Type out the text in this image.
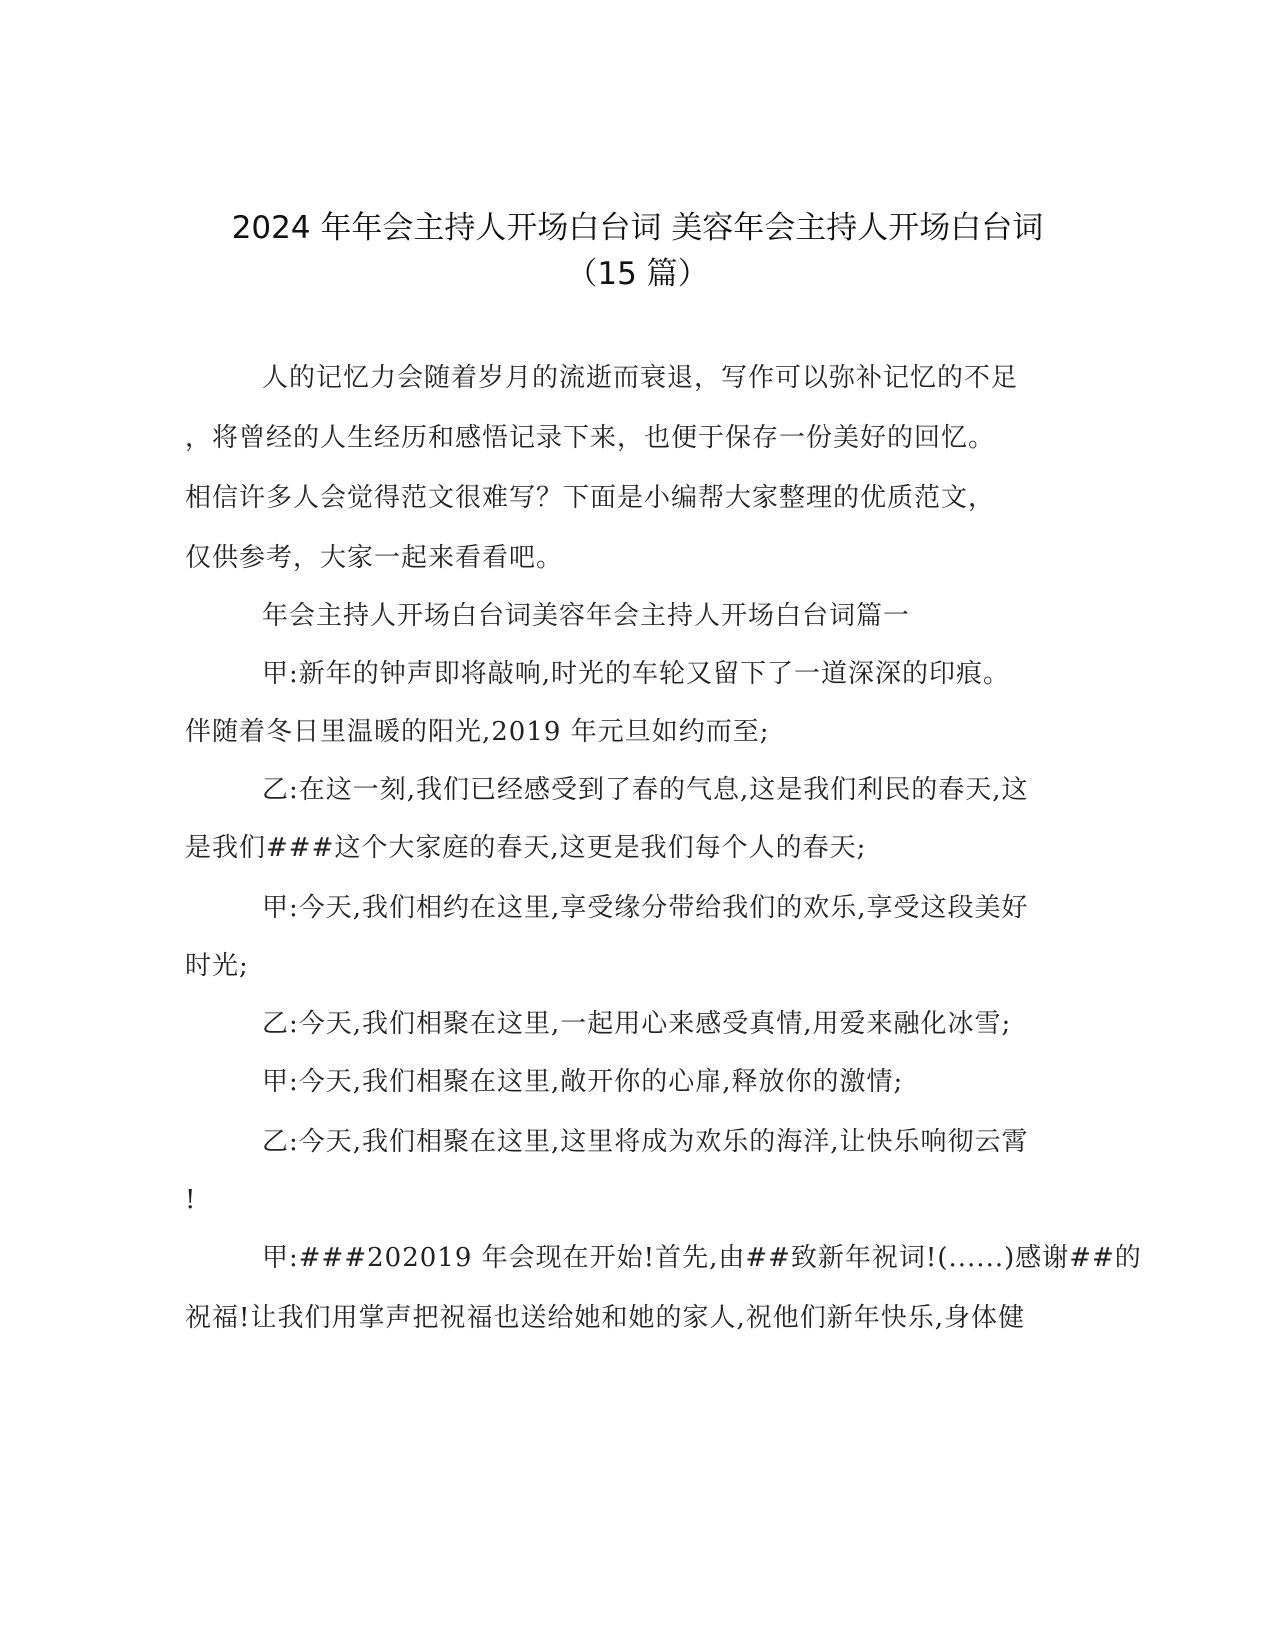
2024 年年会主持人开场白台词 美容年会主持人开场白台词
（15 篇）
人的记忆力会随着岁月的流逝而衰退，写作可以弥补记忆的不足
，将曾经的人生经历和感悟记录下来，也便于保存一份美好的回忆。
相信许多人会觉得范文很难写？下面是小编帮大家整理的优质范文，
仅供参考，大家一起来看看吧。
年会主持人开场白台词美容年会主持人开场白台词篇一
甲:新年的钟声即将敲响,时光的车轮又留下了一道深深的印痕。
伴随着冬日里温暖的阳光,2019 年元旦如约而至;
乙:在这一刻,我们已经感受到了春的气息,这是我们利民的春天,这
是我们###这个大家庭的春天,这更是我们每个人的春天;
甲:今天,我们相约在这里,享受缘分带给我们的欢乐,享受这段美好
时光;
乙:今天,我们相聚在这里,一起用心来感受真情,用爱来融化冰雪;
甲:今天,我们相聚在这里,敞开你的心扉,释放你的激情;
乙:今天,我们相聚在这里,这里将成为欢乐的海洋,让快乐响彻云霄
!
甲:###202019 年会现在开始!首先,由##致新年祝词!(......)感谢##的
祝福!让我们用掌声把祝福也送给她和她的家人,祝他们新年快乐,身体健
